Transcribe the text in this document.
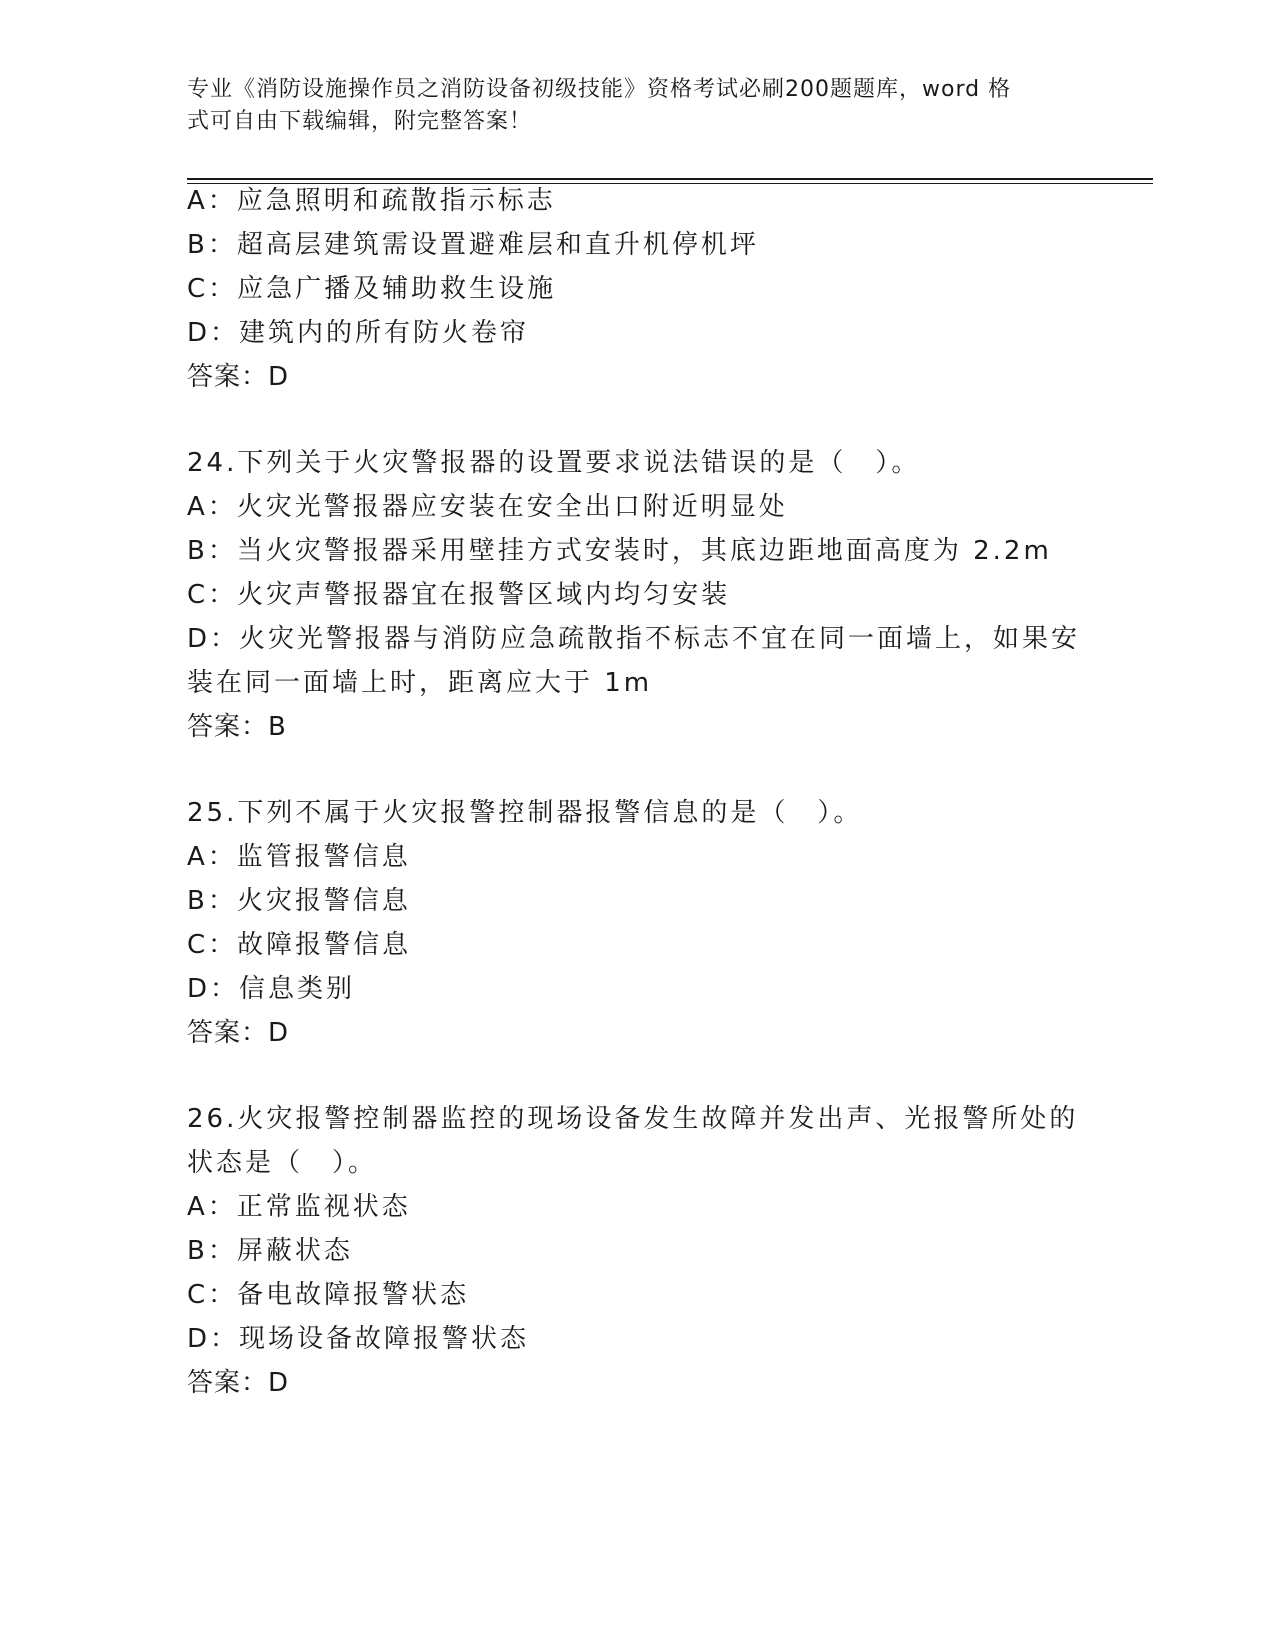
专业《消防设施操作员之消防设备初级技能》资格考试必刷200题题库，word 格
式可自由下载编辑，附完整答案！
A：应急照明和疏散指示标志
B：超高层建筑需设置避难层和直升机停机坪
C：应急广播及辅助救生设施
D：建筑内的所有防火卷帘
答案：D
24.下列关于火灾警报器的设置要求说法错误的是（　）。
A：火灾光警报器应安装在安全出口附近明显处
B：当火灾警报器采用壁挂方式安装时，其底边距地面高度为 2.2m
C：火灾声警报器宜在报警区域内均匀安装
D：火灾光警报器与消防应急疏散指不标志不宜在同一面墙上，如果安
装在同一面墙上时，距离应大于 1m
答案：B
25.下列不属于火灾报警控制器报警信息的是（　）。
A：监管报警信息
B：火灾报警信息
C：故障报警信息
D：信息类别
答案：D
26.火灾报警控制器监控的现场设备发生故障并发出声、光报警所处的
状态是（　）。
A：正常监视状态
B：屏蔽状态
C：备电故障报警状态
D：现场设备故障报警状态
答案：D
